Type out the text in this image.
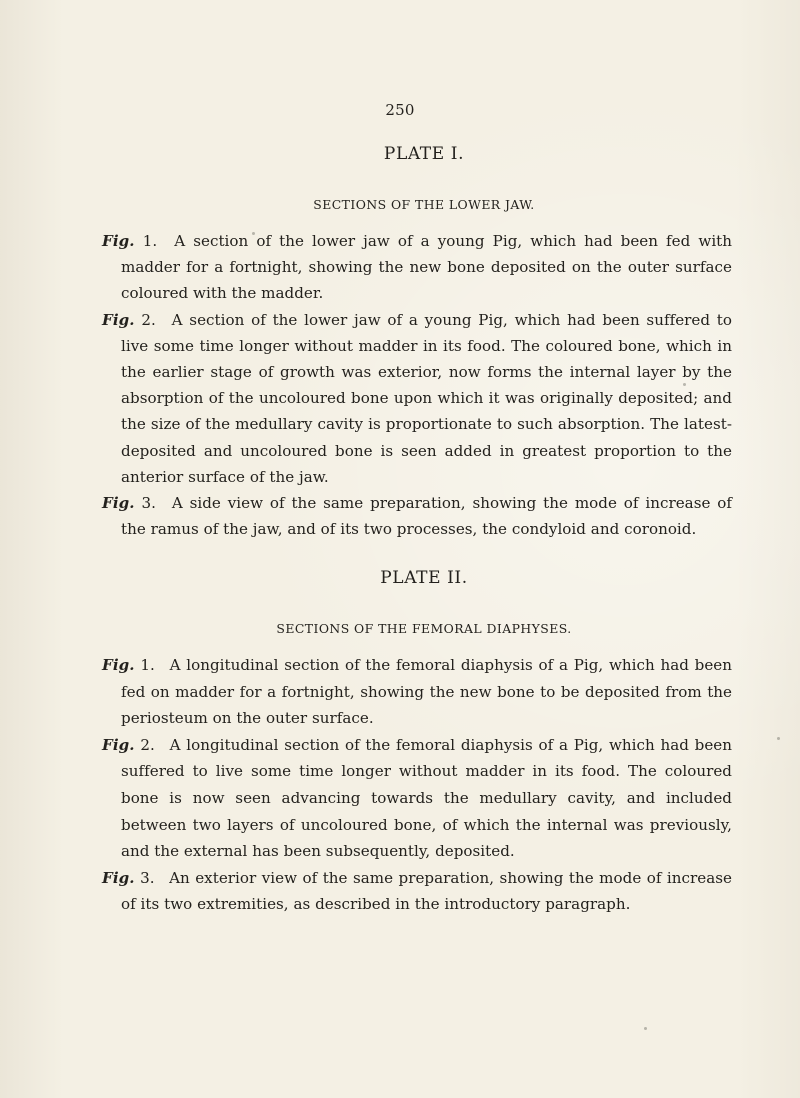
250
PLATE I.
SECTIONS OF THE LOWER JAW.

Fig. 1. A section of the lower jaw of a young Pig, which had been fed with madder for a fortnight, showing the new bone deposited on the outer surface coloured with the madder.

Fig. 2. A section of the lower jaw of a young Pig, which had been suffered to live some time longer without madder in its food. The coloured bone, which in the earlier stage of growth was exterior, now forms the internal layer by the absorption of the uncoloured bone upon which it was originally deposited; and the size of the medullary cavity is proportionate to such absorption. The latest-deposited and uncoloured bone is seen added in greatest proportion to the anterior surface of the jaw.

Fig. 3. A side view of the same preparation, showing the mode of increase of the ramus of the jaw, and of its two processes, the condyloid and coronoid.

PLATE II.
SECTIONS OF THE FEMORAL DIAPHYSES.

Fig. 1. A longitudinal section of the femoral diaphysis of a Pig, which had been fed on madder for a fortnight, showing the new bone to be deposited from the periosteum on the outer surface.

Fig. 2. A longitudinal section of the femoral diaphysis of a Pig, which had been suffered to live some time longer without madder in its food. The coloured bone is now seen advancing towards the medullary cavity, and included between two layers of uncoloured bone, of which the internal was previously, and the external has been subsequently, deposited.

Fig. 3. An exterior view of the same preparation, showing the mode of increase of its two extremities, as described in the introductory paragraph.
